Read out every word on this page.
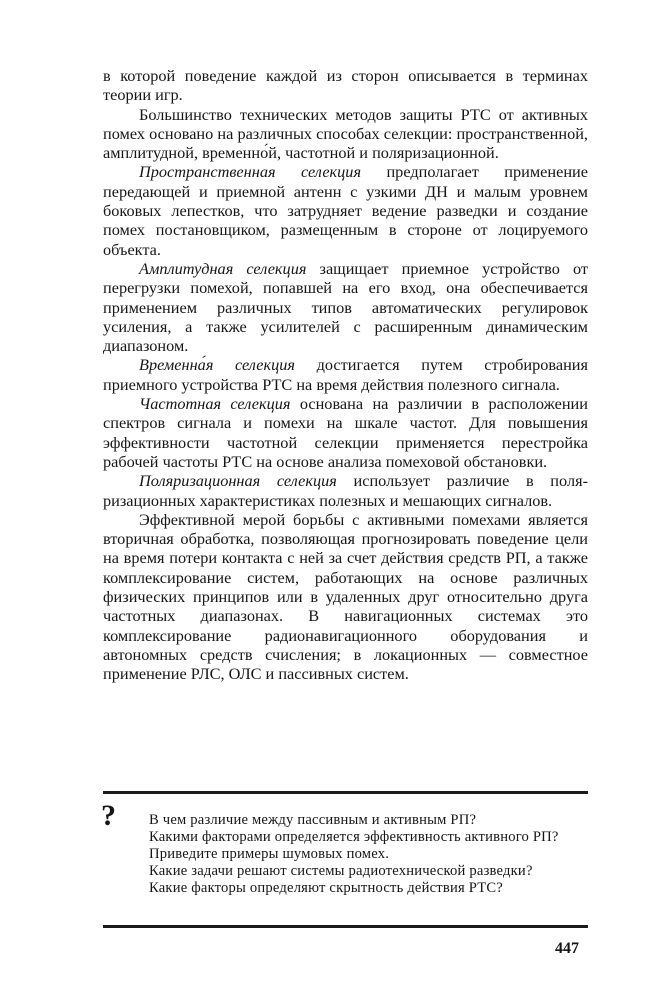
в которой поведение каждой из сторон описывается в терминах теории игр.

Большинство технических методов защиты РТС от активных помех основано на различных способах селекции: пространственной, амплитудной, временно́й, частотной и поляризационной.

Пространственная селекция предполагает применение передающей и приемной антенн с узкими ДН и малым уровнем боковых лепестков, что затрудняет ведение разведки и создание помех постановщиком, размещенным в стороне от лоцируемого объекта.

Амплитудная селекция защищает приемное устройство от перегрузки помехой, попавшей на его вход, она обеспечивается применением различных типов автоматических регулировок усиления, а также усилителей с расширенным динамическим диапазоном.

Временна́я селекция достигается путем стробирования приемного устройства РТС на время действия полезного сигнала.

Частотная селекция основана на различии в расположении спектров сигнала и помехи на шкале частот. Для повышения эффективности частотной селекции применяется перестройка рабочей частоты РТС на основе анализа помеховой обстановки.

Поляризационная селекция использует различие в поляризационных характеристиках полезных и мешающих сигналов.

Эффективной мерой борьбы с активными помехами является вторичная обработка, позволяющая прогнозировать поведение цели на время потери контакта с ней за счет действия средств РП, а также комплексирование систем, работающих на основе различных физических принципов или в удаленных друг относительно друга частотных диапазонах. В навигационных системах это комплексирование радионавигационного оборудования и автономных средств счисления; в локационных — совместное применение РЛС, ОЛС и пассивных систем.

? В чем различие между пассивным и активным РП?

Какими факторами определяется эффективность активного РП?

Приведите примеры шумовых помех.

Какие задачи решают системы радиотехнической разведки?

Какие факторы определяют скрытность действия РТС?

447
